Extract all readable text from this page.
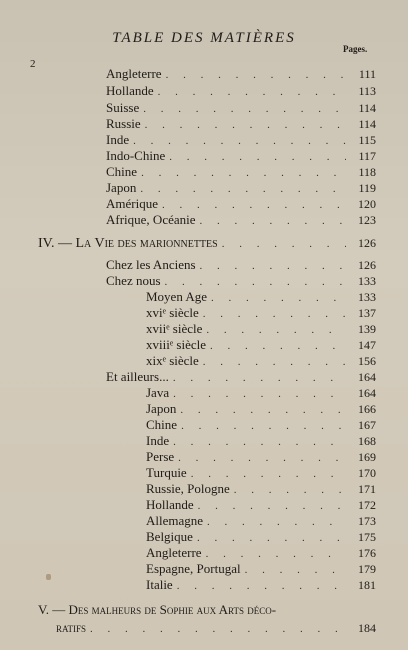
TABLE DES MATIÈRES
2
Pages.
Angleterre . . .	111
Hollande . . .	113
Suisse . . .	114
Russie . . .	114
Inde . . .	115
Indo-Chine . . .	117
Chine . . .	118
Japon . . .	119
Amérique . . .	120
Afrique, Océanie . . .	123
IV. — La Vie des marionnettes . . .	126
Chez les Anciens . . .	126
Chez nous . . .	133
Moyen Age . . .	133
xviᵉ siècle . . .	137
xviiᵉ siècle . . .	139
xviiiᵉ siècle . . .	147
xixᵉ siècle . . .	156
Et ailleurs... . . .	164
Java . . .	164
Japon . . .	166
Chine . . .	167
Inde . . .	168
Perse . . .	169
Turquie . . .	170
Russie, Pologne . . .	171
Hollande . . .	172
Allemagne . . .	173
Belgique . . .	175
Angleterre . . .	176
Espagne, Portugal . . .	179
Italie . . .	181
V. — Des malheurs de Sophie aux Arts déco-
ratifs . . .	184
